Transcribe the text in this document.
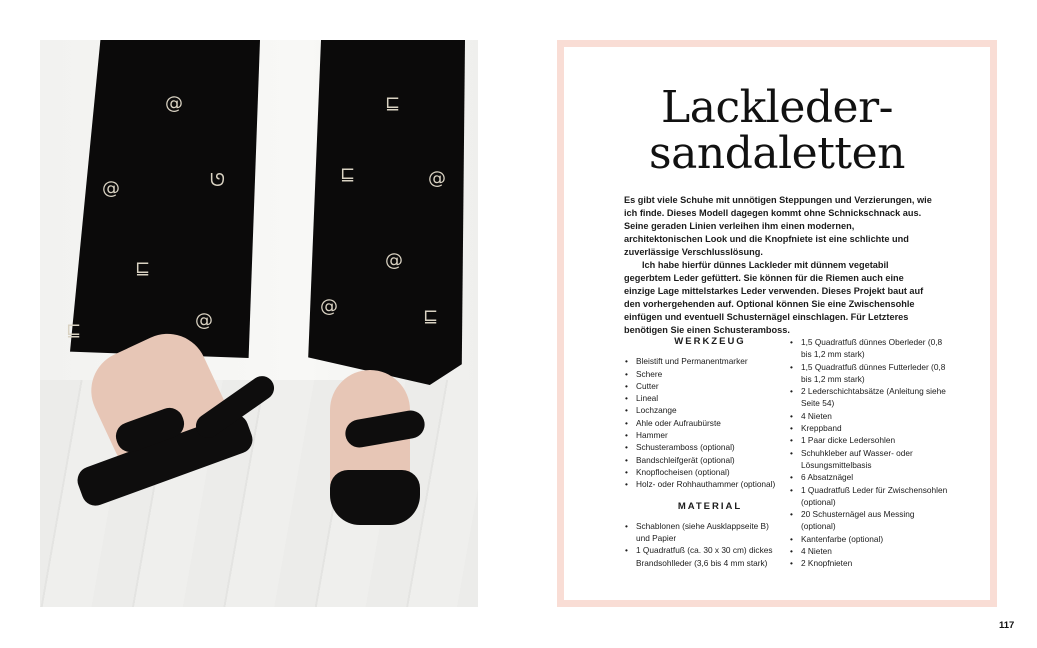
@
ᘎ
@
⊑
@
⊑
⊑
⊑	@
@
@	⊑
Lackleder-
sandaletten

Es gibt viele Schuhe mit unnötigen Steppungen und Verzierungen, wie ich finde. Dieses Modell dagegen kommt ohne Schnickschnack aus. Seine geraden Linien verleihen ihm einen modernen, architektonischen Look und die Knopfniete ist eine schlichte und zuverlässige Verschlusslösung.

Ich habe hierfür dünnes Lackleder mit dünnem vegetabil gegerbtem Leder gefüttert. Sie können für die Riemen auch eine einzige Lage mittelstarkes Leder verwenden. Dieses Projekt baut auf den vorhergehenden auf. Optional können Sie eine Zwischensohle einfügen und eventuell Schusternägel einschlagen. Für Letzteres benötigen Sie einen Schusteramboss.

WERKZEUG
• Bleistift und Permanentmarker
• Schere
• Cutter
• Lineal
• Lochzange
• Ahle oder Aufraubürste
• Hammer
• Schusteramboss (optional)
• Bandschleifgerät (optional)
• Knopflocheisen (optional)
• Holz- oder Rohhauthammer (optional)
MATERIAL
• Schablonen (siehe Ausklappseite B) und Papier
• 1 Quadratfuß (ca. 30 x 30 cm) dickes Brandsohlleder (3,6 bis 4 mm stark)
• 1,5 Quadratfuß dünnes Oberleder (0,8 bis 1,2 mm stark)
• 1,5 Quadratfuß dünnes Futterleder (0,8 bis 1,2 mm stark)
• 2 Lederschichtabsätze (Anleitung siehe Seite 54)
• 4 Nieten
• Kreppband
• 1 Paar dicke Ledersohlen
• Schuhkleber auf Wasser- oder Lösungsmittelbasis
• 6 Absatznägel
• 1 Quadratfuß Leder für Zwischensohlen (optional)
• 20 Schusternägel aus Messing (optional)
• Kantenfarbe (optional)
• 4 Nieten
• 2 Knopfnieten
117
